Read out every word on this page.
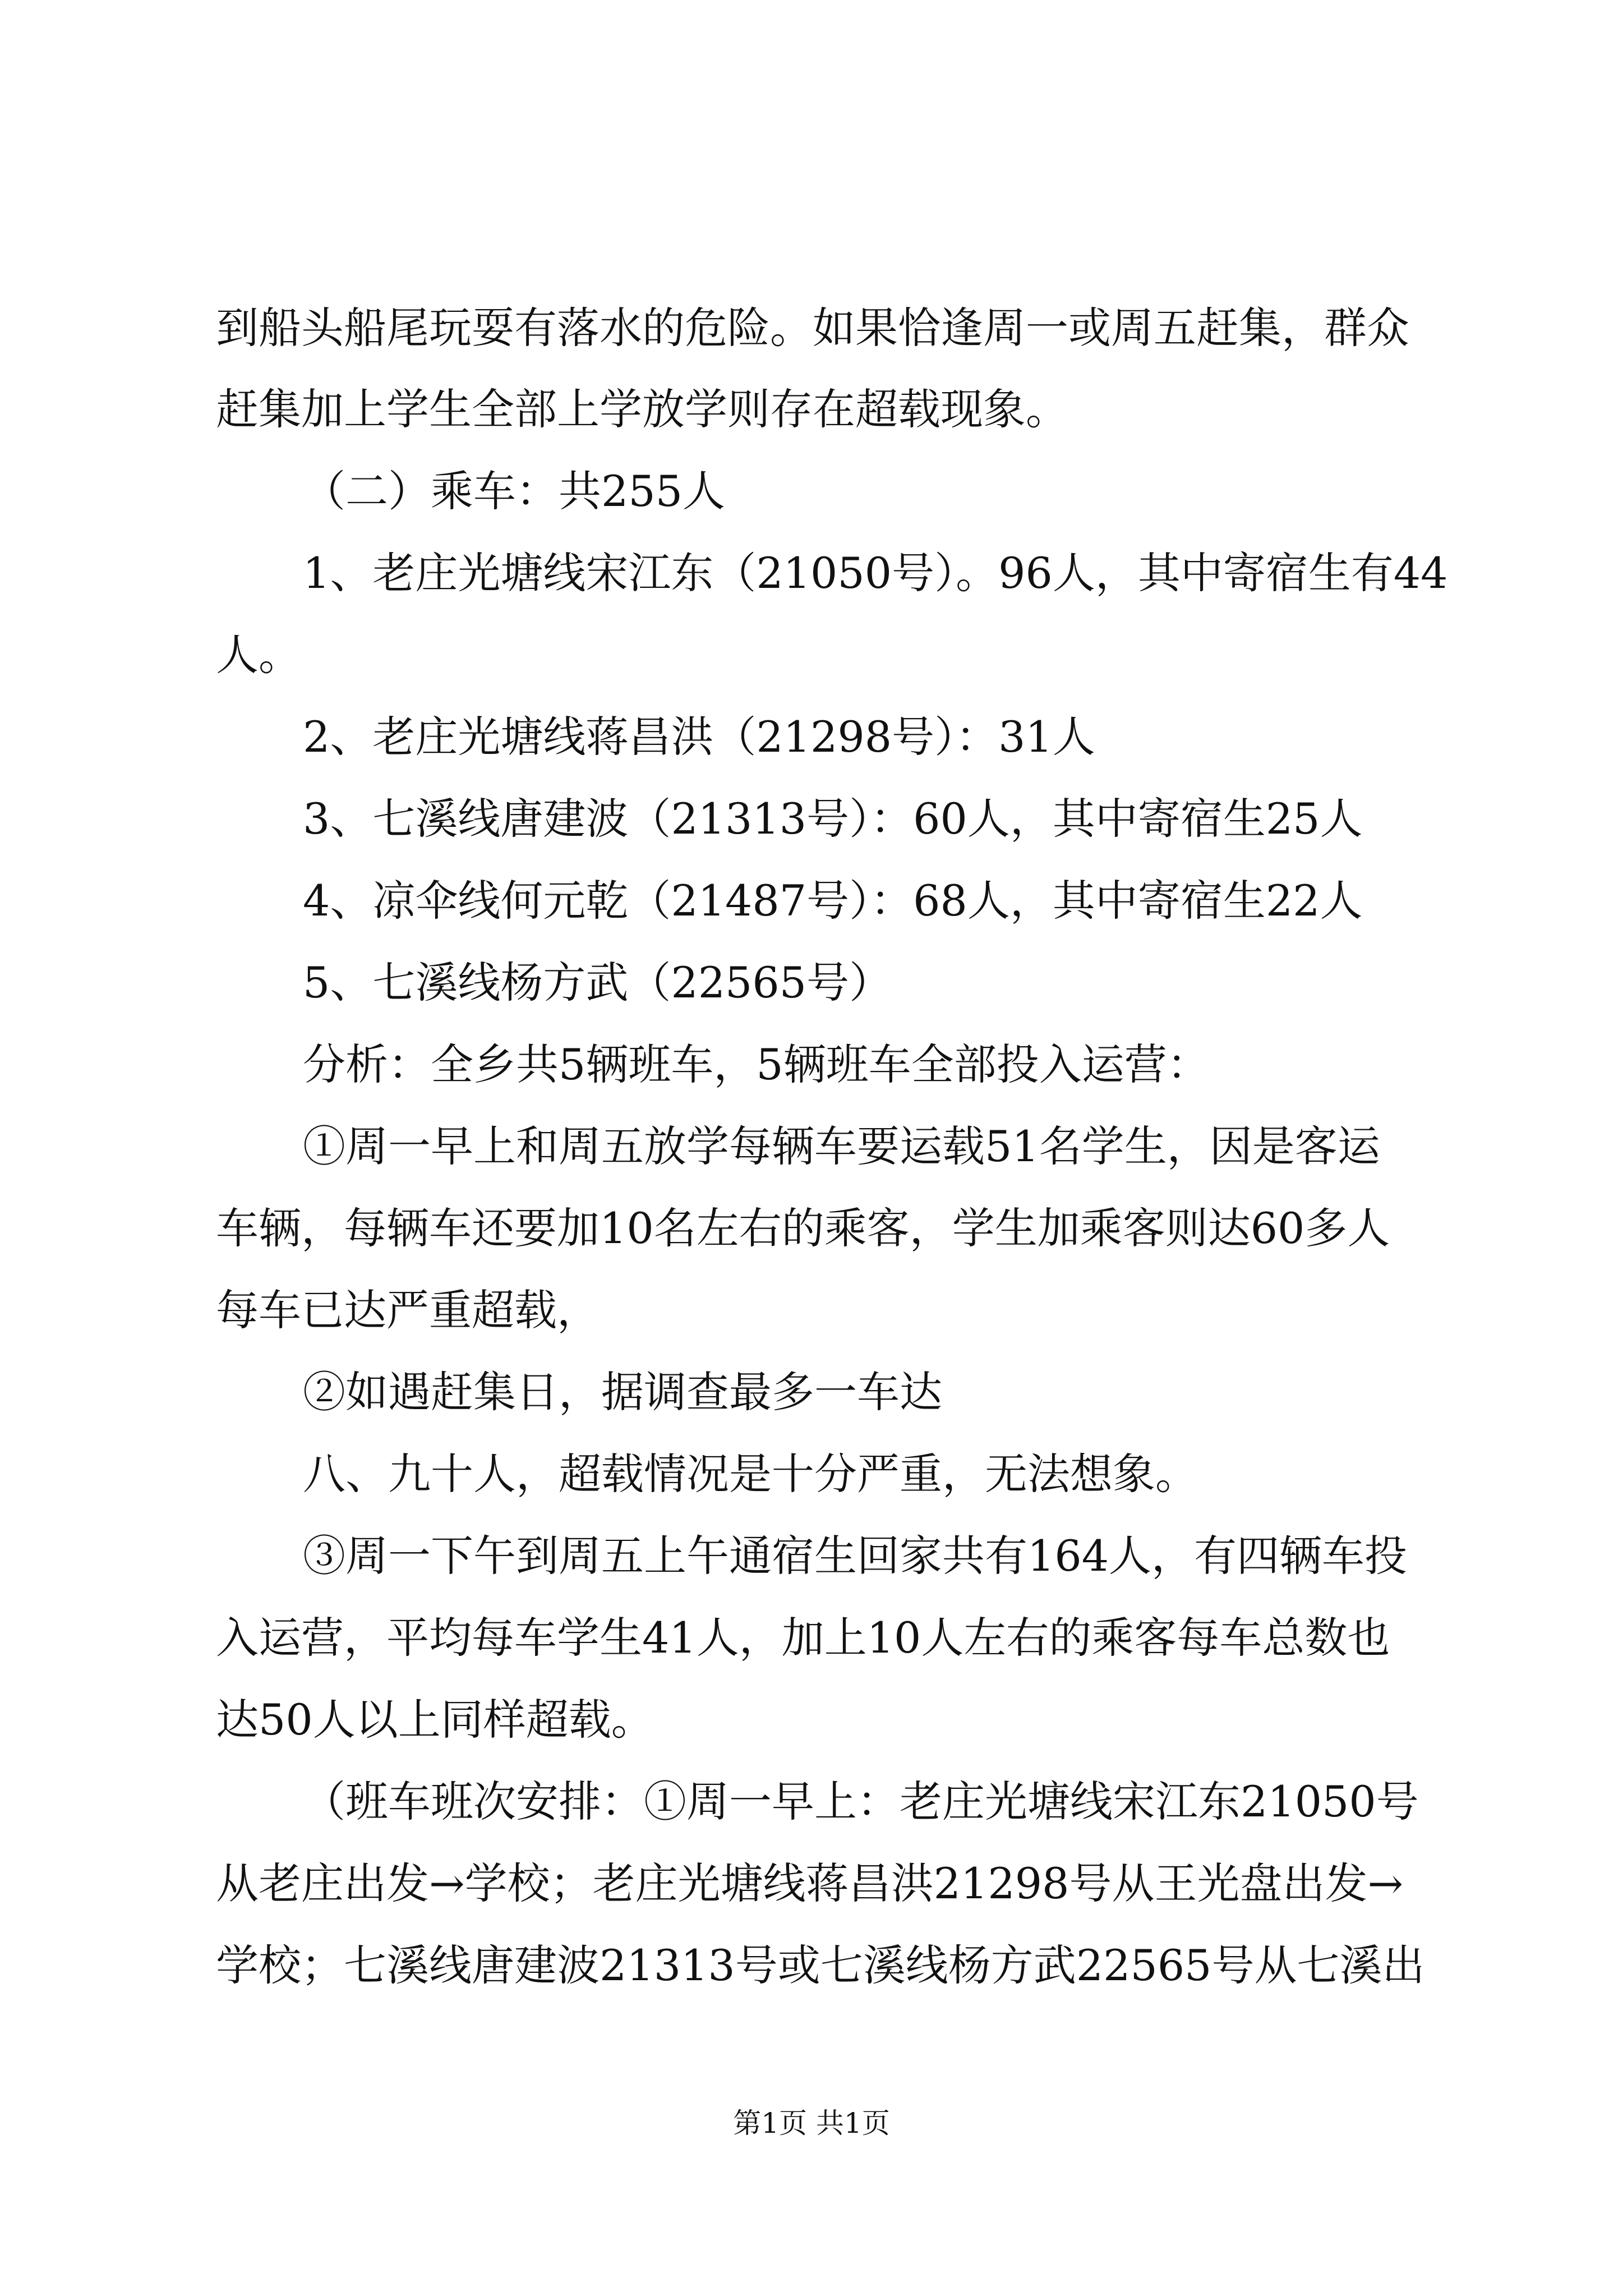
到船头船尾玩耍有落水的危险。如果恰逢周一或周五赶集，群众
赶集加上学生全部上学放学则存在超载现象。
（二）乘车：共255人
1、老庄光塘线宋江东（21050号）。96人，其中寄宿生有44
人。
2、老庄光塘线蒋昌洪（21298号）：31人
3、七溪线唐建波（21313号）：60人，其中寄宿生25人
4、凉伞线何元乾（21487号）：68人，其中寄宿生22人
5、七溪线杨方武（22565号）
分析：全乡共5辆班车，5辆班车全部投入运营：
①周一早上和周五放学每辆车要运载51名学生，因是客运
车辆，每辆车还要加10名左右的乘客，学生加乘客则达60多人
每车已达严重超载，
②如遇赶集日，据调查最多一车达
八、九十人，超载情况是十分严重，无法想象。
③周一下午到周五上午通宿生回家共有164人，有四辆车投
入运营，平均每车学生41人，加上10人左右的乘客每车总数也
达50人以上同样超载。
（班车班次安排：①周一早上：老庄光塘线宋江东21050号
从老庄出发→学校；老庄光塘线蒋昌洪21298号从王光盘出发→
学校；七溪线唐建波21313号或七溪线杨方武22565号从七溪出
第1页 共1页
